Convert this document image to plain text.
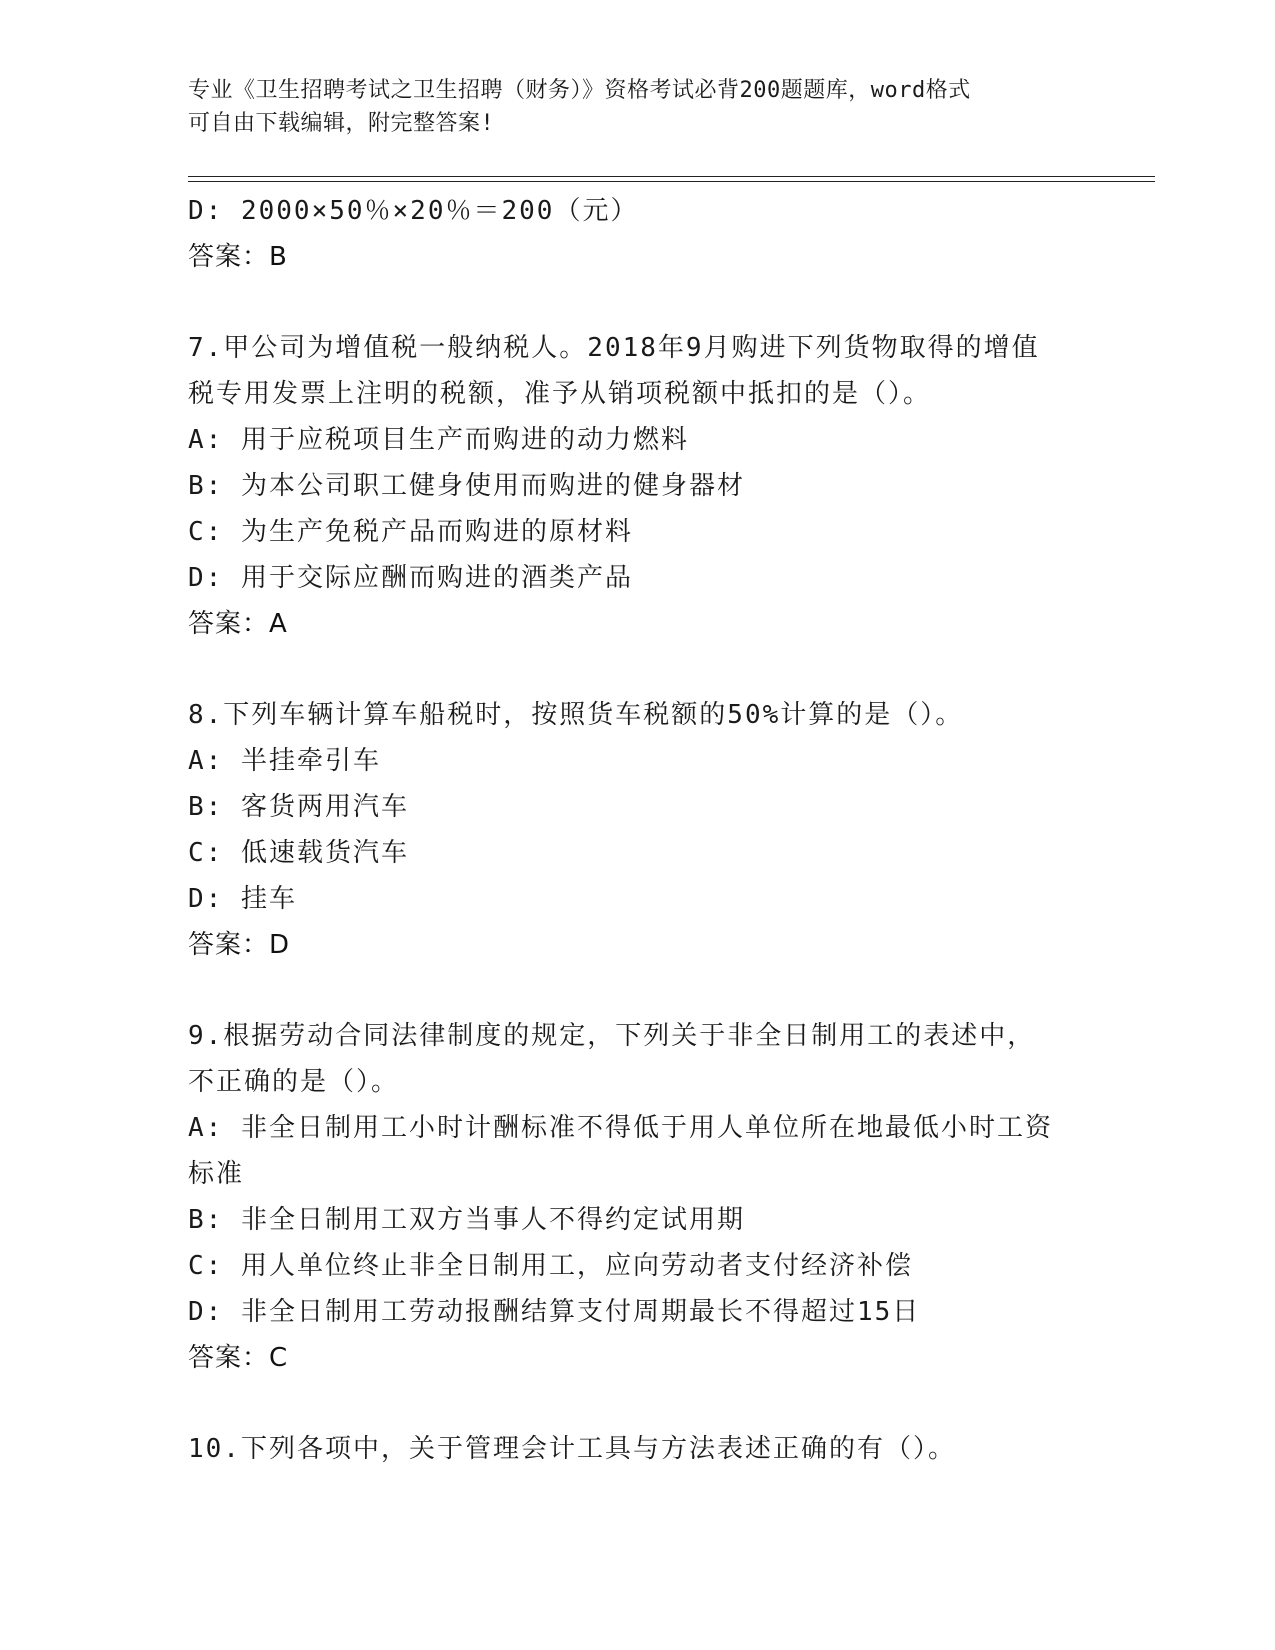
专业《卫生招聘考试之卫生招聘（财务）》资格考试必背200题题库，word格式
可自由下载编辑，附完整答案!
D: 2000×50％×20％＝200（元）
答案：B
7.甲公司为增值税一般纳税人。2018年9月购进下列货物取得的增值
税专用发票上注明的税额，准予从销项税额中抵扣的是（）。
A: 用于应税项目生产而购进的动力燃料
B: 为本公司职工健身使用而购进的健身器材
C: 为生产免税产品而购进的原材料
D: 用于交际应酬而购进的酒类产品
答案：A
8.下列车辆计算车船税时，按照货车税额的50%计算的是（）。
A: 半挂牵引车
B: 客货两用汽车
C: 低速载货汽车
D: 挂车
答案：D
9.根据劳动合同法律制度的规定，下列关于非全日制用工的表述中，
不正确的是（）。
A: 非全日制用工小时计酬标准不得低于用人单位所在地最低小时工资
标准
B: 非全日制用工双方当事人不得约定试用期
C: 用人单位终止非全日制用工，应向劳动者支付经济补偿
D: 非全日制用工劳动报酬结算支付周期最长不得超过15日
答案：C
10.下列各项中，关于管理会计工具与方法表述正确的有（）。
